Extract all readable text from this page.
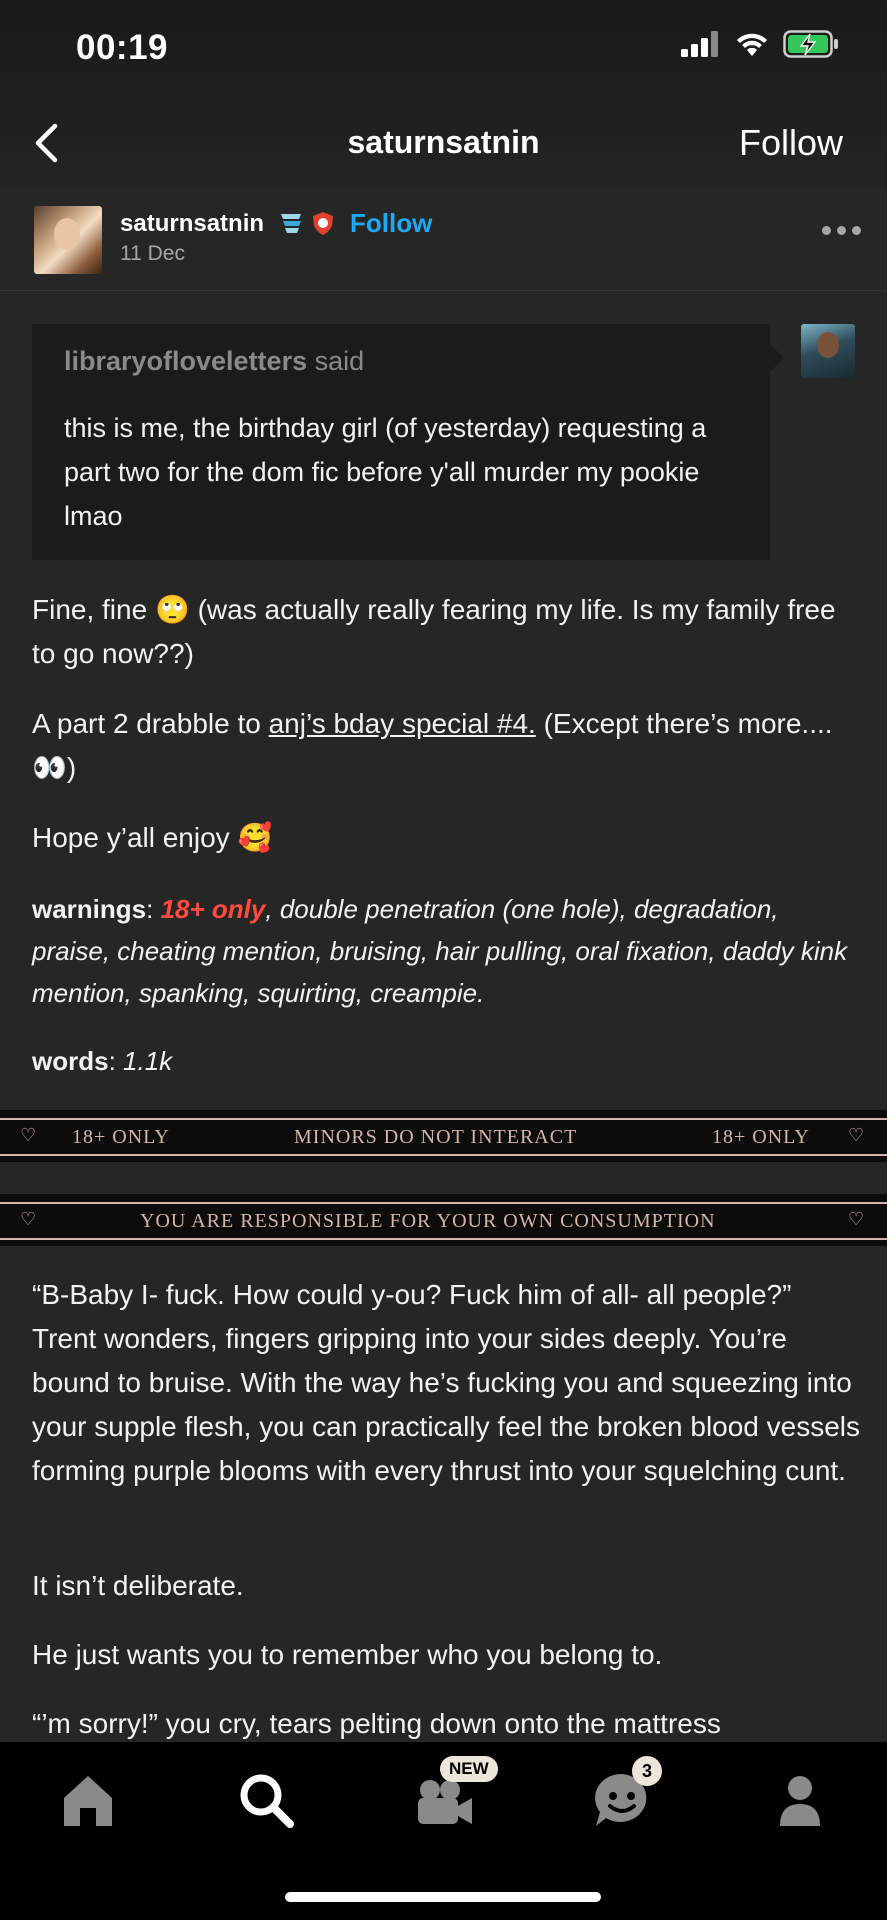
00:19
saturnsatnin	Follow
saturnsatnin	Follow
11 Dec
libraryofloveletters said
this is me, the birthday girl (of yesterday) requesting a part two for the dom fic before y'all murder my pookie lmao
Fine, fine 🙄 (was actually really fearing my life. Is my family free to go now??)
A part 2 drabble to anj’s bday special #4. (Except there’s more....👀)
Hope y’all enjoy 🥰
warnings: 18+ only, double penetration (one hole), degradation, praise, cheating mention, bruising, hair pulling, oral fixation, daddy kink mention, spanking, squirting, creampie.
words: 1.1k
♡ 18+ ONLY	MINORS DO NOT INTERACT	18+ ONLY ♡
♡	YOU ARE RESPONSIBLE FOR YOUR OWN CONSUMPTION	♡
“B-Baby I- fuck. How could y-ou? Fuck him of all- all people?” Trent wonders, fingers gripping into your sides deeply. You’re bound to bruise. With the way he’s fucking you and squeezing into your supple flesh, you can practically feel the broken blood vessels forming purple blooms with every thrust into your squelching cunt.
It isn’t deliberate.
He just wants you to remember who you belong to.
“’m sorry!” you cry, tears pelting down onto the mattress
NEW	3
